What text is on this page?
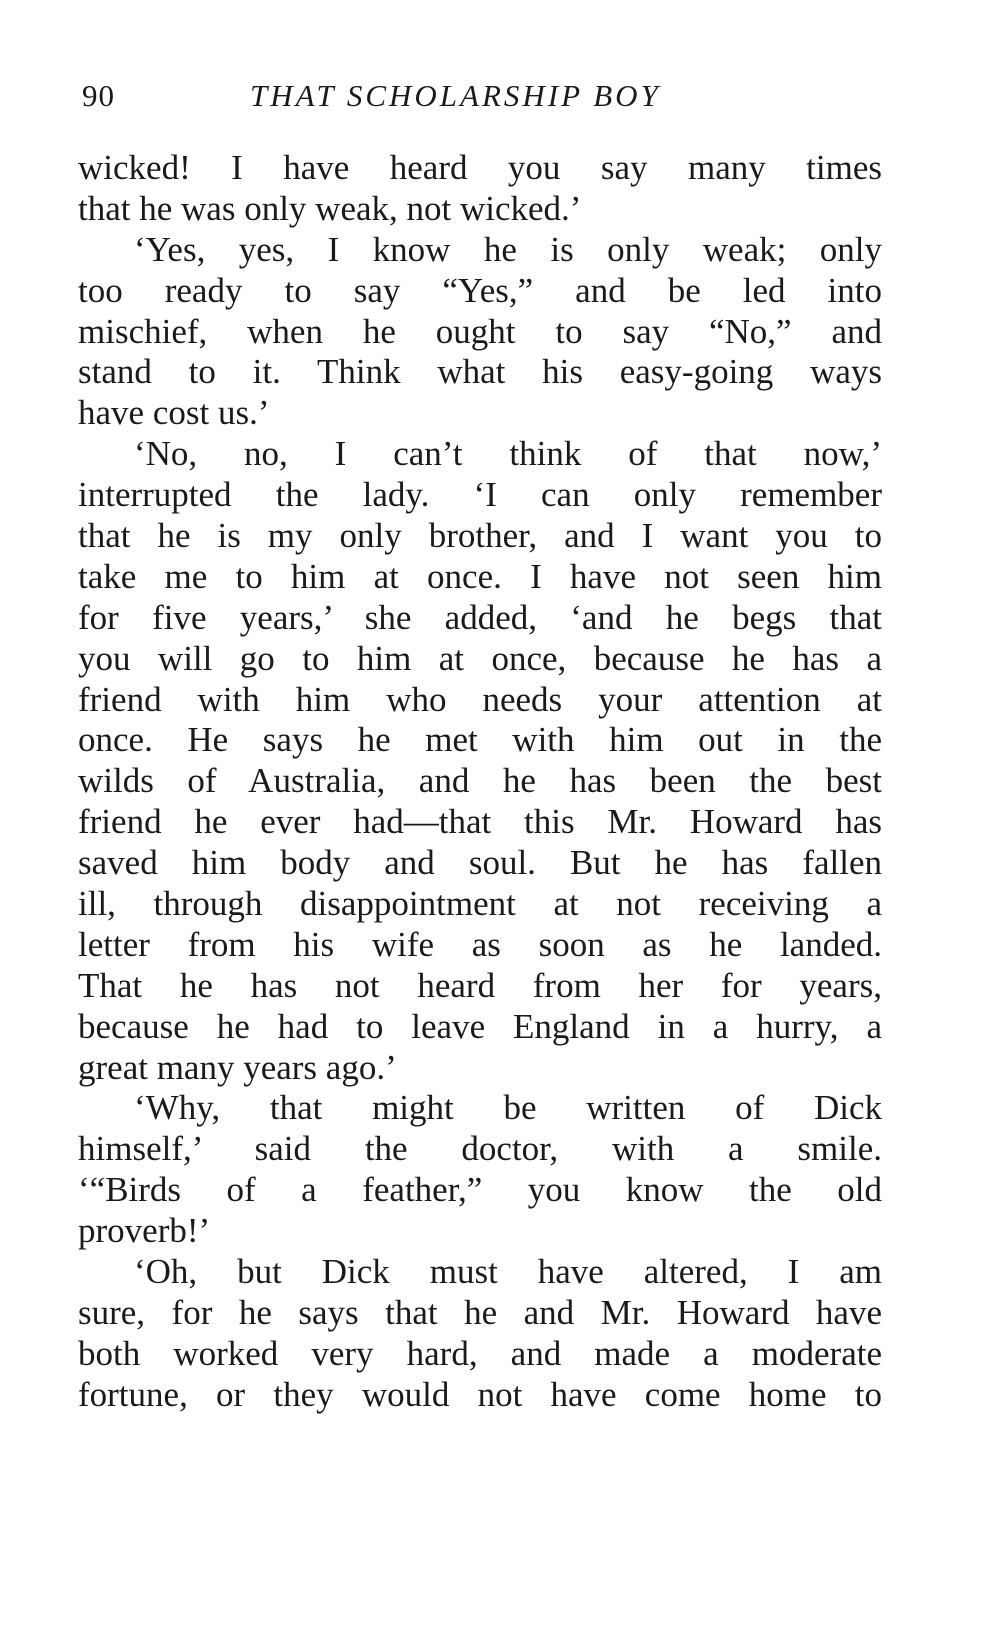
90	THAT SCHOLARSHIP BOY
wicked! I have heard you say many times
that he was only weak, not wicked.’
‘Yes, yes, I know he is only weak; only
too ready to say “Yes,” and be led into
mischief, when he ought to say “No,” and
stand to it. Think what his easy-going ways
have cost us.’
‘No, no, I can’t think of that now,’
interrupted the lady. ‘I can only remember
that he is my only brother, and I want you to
take me to him at once. I have not seen him
for five years,’ she added, ‘and he begs that
you will go to him at once, because he has a
friend with him who needs your attention at
once. He says he met with him out in the
wilds of Australia, and he has been the best
friend he ever had—that this Mr. Howard has
saved him body and soul. But he has fallen
ill, through disappointment at not receiving a
letter from his wife as soon as he landed.
That he has not heard from her for years,
because he had to leave England in a hurry, a
great many years ago.’
‘Why, that might be written of Dick
himself,’ said the doctor, with a smile.
‘“Birds of a feather,” you know the old
proverb!’
‘Oh, but Dick must have altered, I am
sure, for he says that he and Mr. Howard have
both worked very hard, and made a moderate
fortune, or they would not have come home to
